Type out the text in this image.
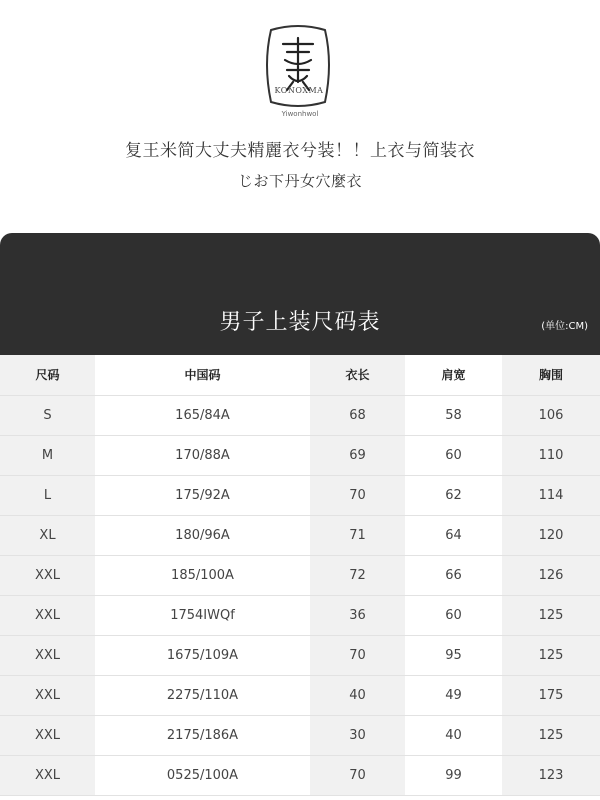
KONOXMA
Yiwonhwol
复王米简大丈夫精麗衣兮装！！上衣与简装衣
じお下丹女穴麼衣
男子上装尺码表	(单位:CM)
尺码	中国码	衣长	肩宽	胸围
S	165/84A	68	58	106
M	170/88A	69	60	110
L	175/92A	70	62	114
XL	180/96A	71	64	120
XXL	185/100A	72	66	126
XXL	1754IWQf	36	60	125
XXL	1675/109A	70	95	125
XXL	2275/110A	40	49	175
XXL	2175/186A	30	40	125
XXL	0525/100A	70	99	123
